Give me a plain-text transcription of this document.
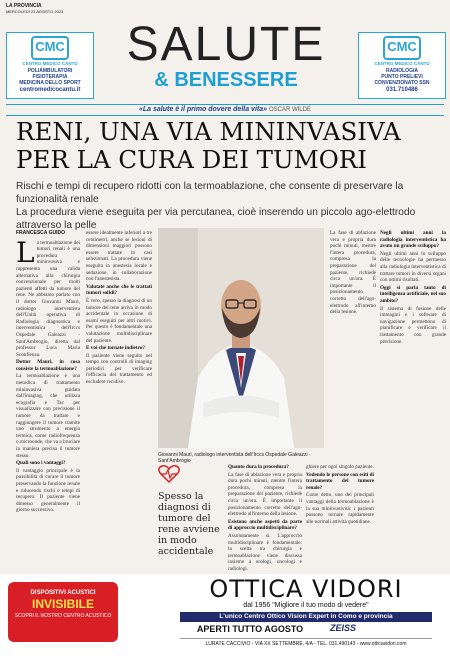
LA PROVINCIA
MERCOLEDÌ 23 AGOSTO 2023
CMC
CENTRO MEDICO CANTÙ
POLIAMBULATORI
FISIOTERAPIA
MEDICINA DELLO SPORT
centromedicocantu.it
CMC
CENTRO MEDICO CANTÙ
RADIOLOGIA
PUNTO PRELIEVI
CONVENZIONATO SSN
031.710486
SALUTE
& BENESSERE
«La salute è il primo dovere della vita» OSCAR WILDE
RENI, UNA VIA MININVASIVA
PER LA CURA DEI TUMORI
Rischi e tempi di recupero ridotti con la termoablazione, che consente di preservare la funzionalità renale
La procedura viene eseguita per via percutanea, cioè inserendo un piccolo ago-elettrodo attraverso la pelle
FRANCESCA GUIDO
L a termoablazione dei tumori renali è una procedura mininvasiva e rappresenta una valida alternativa alla chirurgia convenzionale per molti pazienti affetti da tumore del rene. Ne abbiamo parlato con il dottor Giovanni Mauri, radiologo interventista dell'Unità operativa di Radiologia diagnostica e interventistica dell'Irccs Ospedale Galeazzi - Sant'Ambrogio, diretta dal professor Luca Maria Sconfienza.

Dottor Mauri, in cosa consiste la termoablazione?

La termoablazione è una metodica di trattamento mininvasiva guidata dall'imaging, che utilizza ecografia e Tac per visualizzare con precisione il tumore da trattare e raggiungere il tumore tramite uno strumento a energia termica, come radiofrequenza o microonde, che va a bruciare in maniera precisa il tumore stesso.

Quali sono i vantaggi?

Il vantaggio principale è la possibilità di curare il tumore preservando la funzione renale e riducendo rischi e tempi di recupero. Il paziente viene dimesso generalmente il giorno successivo.

essere idealmente inferiori a tre centimetri, anche se lesioni di dimensioni maggiori possono essere trattate in casi selezionati. La procedura viene eseguita in anestesia locale e sedazione, in collaborazione con l'anestesista.

Valutate anche che le trattati tumori solidi?

È vero, spesso la diagnosi di un tumore del rene arriva in modo accidentale in occasione di esami eseguiti per altri motivi. Per questo è fondamentale una valutazione multidisciplinare del paziente.

E voi che tornate indietro?

Il paziente viene seguito nel tempo con controlli di imaging periodici per verificare l'efficacia del trattamento ed escludere recidive.

Giovanni Mauri, radiologo interventista dell'Irccs Ospedale Galeazzi - Sant'Ambrogio
Spesso la diagnosi di tumore del rene avviene in modo accidentale

Quanto dura la procedura?

La fase di ablazione vera e propria dura pochi minuti, mentre l'intera procedura, compresa la preparazione del paziente, richiede circa un'ora. È importante il posizionamento corretto dell'ago-elettrodo all'interno della lesione.

Esistono anche aspetti da parte di approccio multidisciplinare?

Assolutamente sì. L'approccio multidisciplinare è fondamentale: la scelta tra chirurgia e termoablazione viene discussa insieme a urologi, oncologi e radiologi.

ghiere per ogni singolo paziente.

Vedendo le persone con esiti di trattamento del tumore renale?

Come detto, uno dei principali vantaggi della termoablazione è la sua mininvasività: i pazienti possono tornare rapidamente alle normali attività quotidiane.

Negli ultimi anni la radiologia interventistica ha avuto un grande sviluppo?

Negli ultimi anni lo sviluppo delle tecnologie ha permesso alla radiologia interventistica di trattare tumori in diversi organi con ottimi risultati.

Oggi si parla tanto di intelligenza artificiale, nel suo ambito?

Il sistema di fusione delle immagini e i software di navigazione permettono di pianificare e verificare il trattamento con grande precisione.

La fase di ablazione vera e propria dura pochi minuti, mentre l'intera procedura, compresa la preparazione del paziente, richiede circa un'ora. È importante il posizionamento corretto dell'ago-elettrodo all'interno della lesione.

DISPOSITIVI ACUSTICI
INVISIBILE
SCOPRI IL NOSTRO CENTRO ACUSTICO
OTTICA VIDORI
dal 1956 "Migliore il tuo modo di vedere"
L'unico Centro Ottico Vision Expert in Como e provincia
APERTI TUTTO AGOSTO	ZEISS
LURATE CACCIVIO - VIA XX SETTEMBRE, 4/A - TEL. 031.490143 - www.otticavidori.com
